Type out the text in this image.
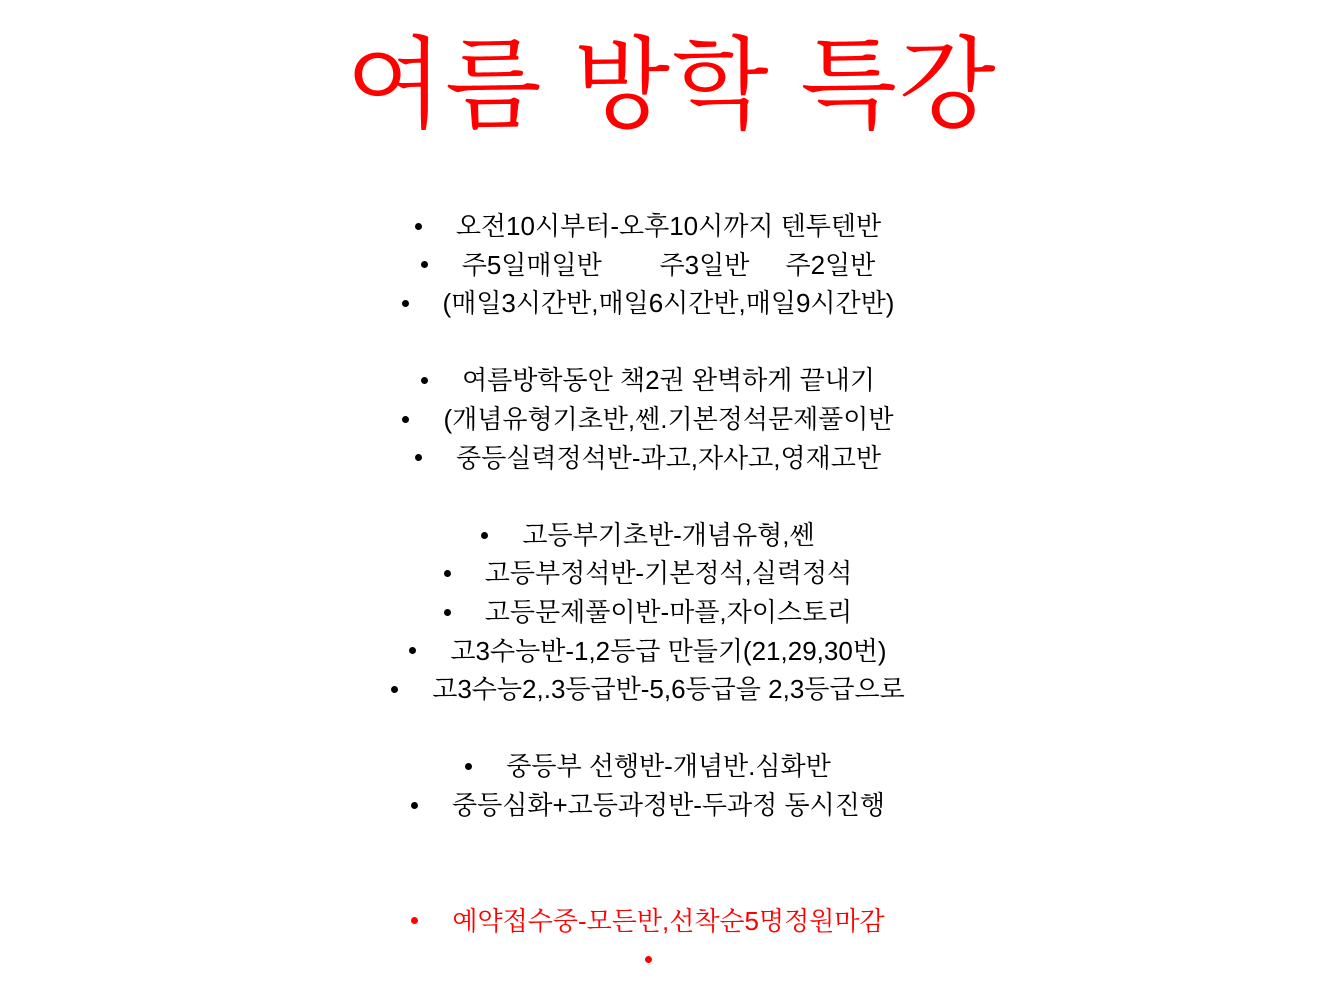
여름 방학 특강
오전10시부터-오후10시까지 텐투텐반
주5일매일반        주3일반     주2일반
(매일3시간반,매일6시간반,매일9시간반)
여름방학동안 책2권 완벽하게 끝내기
(개념유형기초반,쎈.기본정석문제풀이반
중등실력정석반-과고,자사고,영재고반
고등부기초반-개념유형,쎈
고등부정석반-기본정석,실력정석
고등문제풀이반-마플,자이스토리
고3수능반-1,2등급 만들기(21,29,30번)
고3수능2,.3등급반-5,6등급을 2,3등급으로
중등부 선행반-개념반.심화반
중등심화+고등과정반-두과정 동시진행
예약접수중-모든반,선착순5명정원마감
